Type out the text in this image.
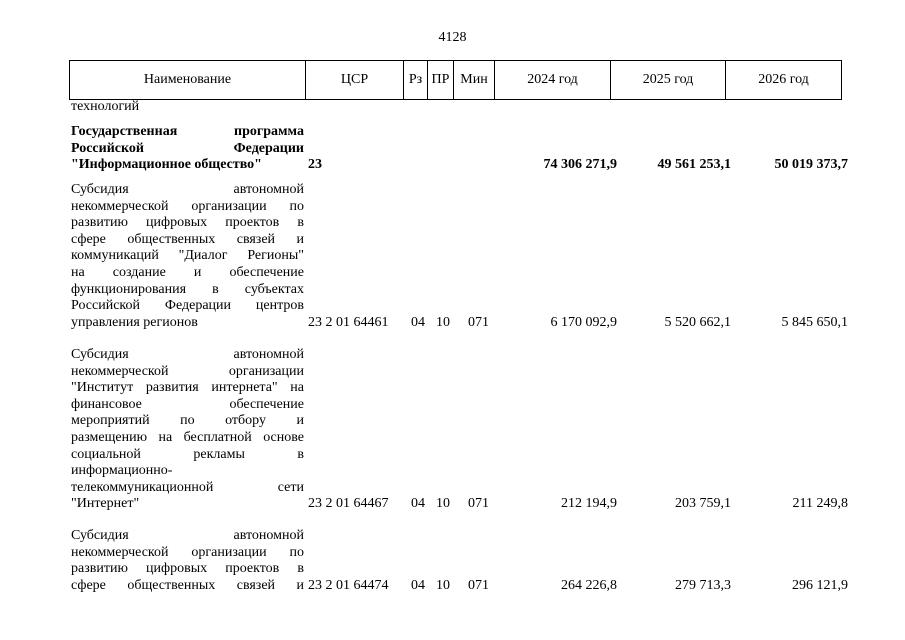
4128
Наименование	ЦСР	Рз	ПР	Мин	2024 год	2025 год	2026 год
технологий
Государственная программа
Российской Федерации
"Информационное общество"	23	74 306 271,9	49 561 253,1	50 019 373,7
Субсидия автономной
некоммерческой организации по
развитию цифровых проектов в
сфере общественных связей и
коммуникаций "Диалог Регионы"
на создание и обеспечение
функционирования в субъектах
Российской Федерации центров
управления регионов	23 2 01 64461 04 10 071	6 170 092,9	5 520 662,1	5 845 650,1
Субсидия автономной
некоммерческой организации
"Институт развития интернета" на
финансовое обеспечение
мероприятий по отбору и
размещению на бесплатной основе
социальной рекламы в
информационно-
телекоммуникационной сети
"Интернет"	23 2 01 64467 04 10 071	212 194,9	203 759,1	211 249,8
Субсидия автономной
некоммерческой организации по
развитию цифровых проектов в
сфере общественных связей и 23 2 01 64474 04 10 071	264 226,8	279 713,3	296 121,9
